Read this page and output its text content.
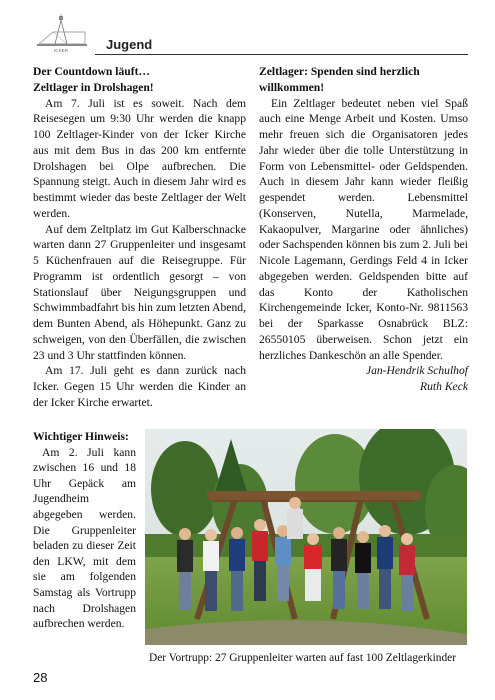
ICKER	Jugend

Der Countdown läuft…

Zeltlager in Drolshagen!

Am 7. Juli ist es soweit. Nach dem Reisesegen um 9:30 Uhr werden die knapp 100 Zeltlager-Kinder von der Icker Kirche aus mit dem Bus in das 200 km entfernte Drolshagen bei Olpe aufbrechen. Die Spannung steigt. Auch in diesem Jahr wird es bestimmt wieder das beste Zeltlager der Welt werden.

Auf dem Zeltplatz im Gut Kalberschnacke warten dann 27 Gruppenleiter und insgesamt 5 Küchenfrauen auf die Reisegruppe. Für Programm ist ordentlich gesorgt – von Stationslauf über Neigungsgruppen und Schwimmbadfahrt bis hin zum letzten Abend, dem Bunten Abend, als Höhepunkt. Ganz zu schweigen, von den Überfällen, die zwischen 23 und 3 Uhr stattfinden können.

Am 17. Juli geht es dann zurück nach Icker. Gegen 15 Uhr werden die Kinder an der Icker Kirche erwartet.

Zeltlager: Spenden sind herzlich willkommen!

Ein Zeltlager bedeutet neben viel Spaß auch eine Menge Arbeit und Kosten. Umso mehr freuen sich die Organisatoren jedes Jahr wieder über die tolle Unterstützung in Form von Lebensmittel- oder Geldspenden. Auch in diesem Jahr kann wieder fleißig gespendet werden. Lebensmittel (Konserven, Nutella, Marmelade, Kakaopulver, Margarine oder ähnliches) oder Sachspenden können bis zum 2. Juli bei Nicole Lagemann, Gerdings Feld 4 in Icker abgegeben werden. Geldspenden bitte auf das Konto der Katholischen Kirchengemeinde Icker, Konto-Nr. 9811563 bei der Sparkasse Osnabrück BLZ: 26550105 überweisen. Schon jetzt ein herzliches Dankeschön an alle Spender.

Jan-Hendrik Schulhof

Ruth Keck

Wichtiger Hinweis:

Am 2. Juli kann zwischen 16 und 18 Uhr Gepäck am Jugendheim abgegeben werden. Die Gruppenleiter beladen zu dieser Zeit den LKW, mit dem sie am folgenden Samstag als Vortrupp nach Drolshagen aufbrechen werden.

Der Vortrupp: 27 Gruppenleiter warten auf fast 100 Zeltlagerkinder
28
